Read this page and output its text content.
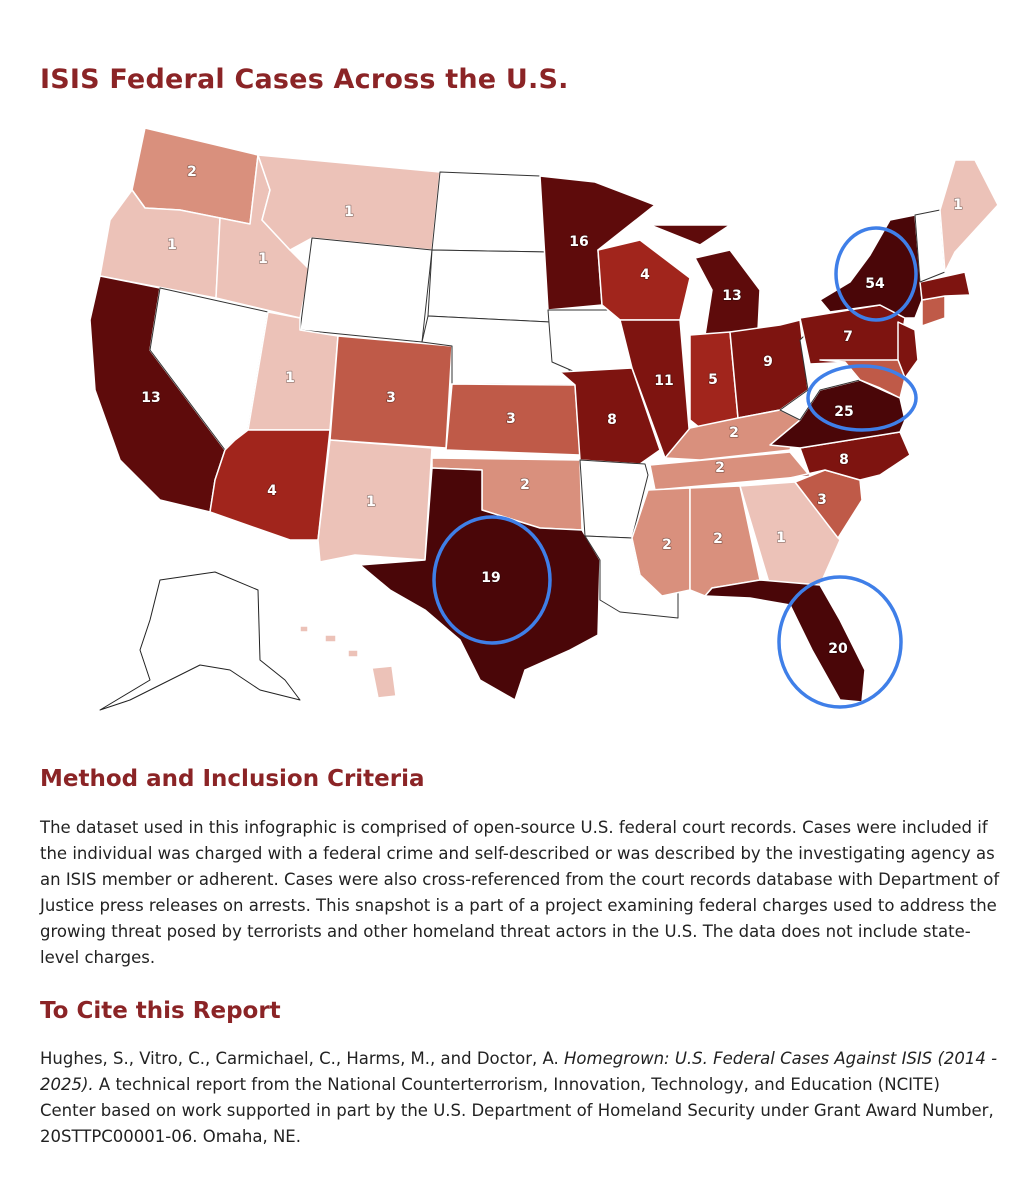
ISIS Federal Cases Across the U.S.
2
1
13
1
1
1
4
3
1
3
2
19
16
4
13
11 5
9
8
2
2
2	2	1
20
3
8
25
7
54
1
Method and Inclusion Criteria
The dataset used in this infographic is comprised of open-source U.S. federal court records. Cases were included if the individual was charged with a federal crime and self-described or was described by the investigating agency as an ISIS member or adherent. Cases were also cross-referenced from the court records database with Department of Justice press releases on arrests. This snapshot is a part of a project examining federal charges used to address the growing threat posed by terrorists and other homeland threat actors in the U.S. The data does not include state-level charges.
To Cite this Report
Hughes, S., Vitro, C., Carmichael, C., Harms, M., and Doctor, A. Homegrown: U.S. Federal Cases Against ISIS (2014 - 2025). A technical report from the National Counterterrorism, Innovation, Technology, and Education (NCITE) Center based on work supported in part by the U.S. Department of Homeland Security under Grant Award Number, 20STTPC00001-06. Omaha, NE.
